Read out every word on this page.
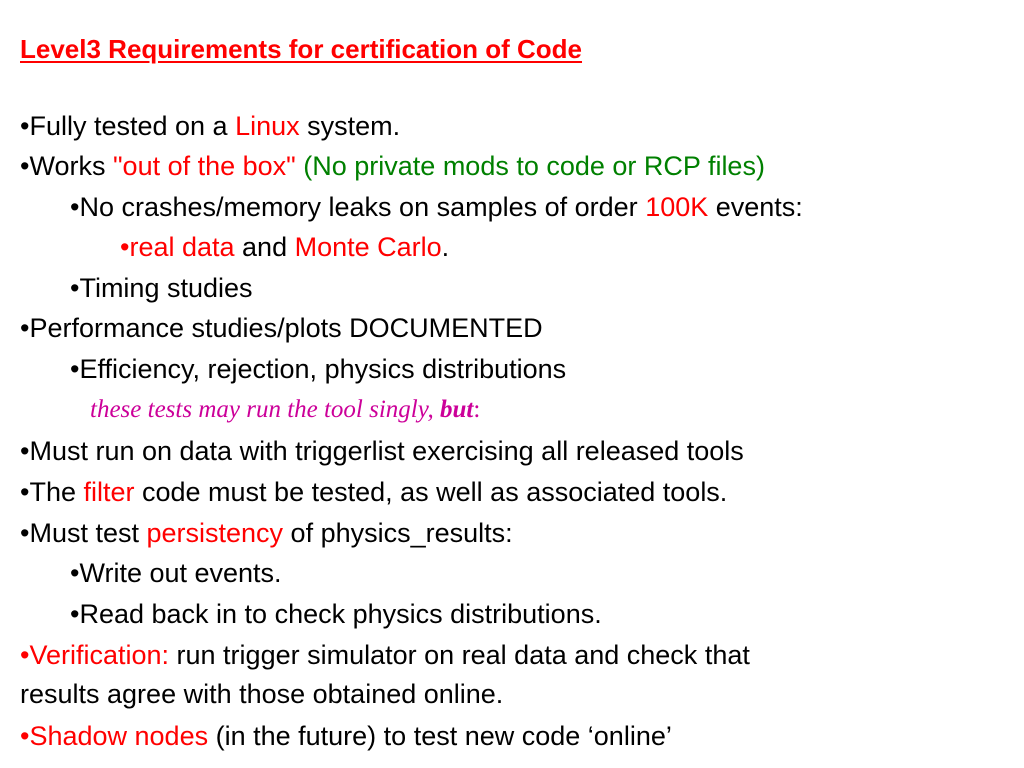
Level3 Requirements for certification of Code
•Fully tested on a Linux system.
•Works "out of the box" (No private mods to code or RCP files)
•No crashes/memory leaks on samples of order 100K events:
•real data and Monte Carlo.
•Timing studies
•Performance studies/plots DOCUMENTED
•Efficiency, rejection, physics distributions
these tests may run the tool singly, but:
•Must run on data with triggerlist exercising all released tools
•The filter code must be tested, as well as associated tools.
•Must test persistency of physics_results:
•Write out events.
•Read back in to check physics distributions.
•Verification: run trigger simulator on real data and check that
results agree with those obtained online.
•Shadow nodes (in the future) to test new code ‘online’
